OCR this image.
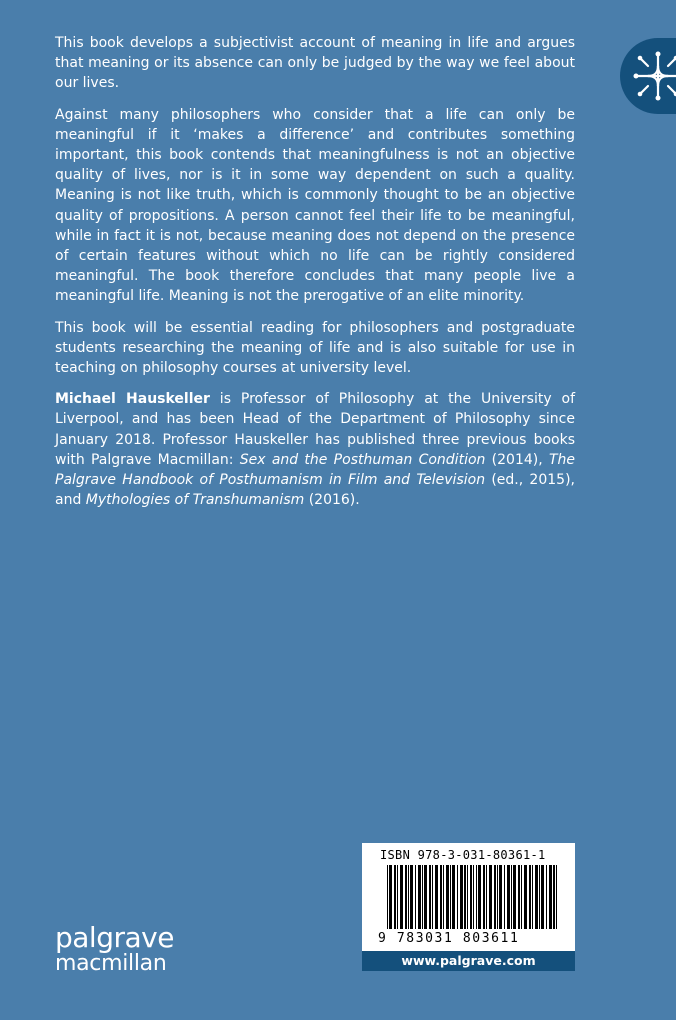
This book develops a subjectivist account of meaning in life and argues that meaning or its absence can only be judged by the way we feel about our lives.

Against many philosophers who consider that a life can only be meaningful if it ‘makes a difference’ and contributes something important, this book contends that meaningfulness is not an objective quality of lives, nor is it in some way dependent on such a quality. Meaning is not like truth, which is commonly thought to be an objective quality of propositions. A person cannot feel their life to be meaningful, while in fact it is not, because meaning does not depend on the presence of certain features without which no life can be rightly considered meaningful. The book therefore concludes that many people live a meaningful life. Meaning is not the prerogative of an elite minority.

This book will be essential reading for philosophers and postgraduate students researching the meaning of life and is also suitable for use in teaching on philosophy courses at university level.

Michael Hauskeller is Professor of Philosophy at the University of Liverpool, and has been Head of the Department of Philosophy since January 2018. Professor Hauskeller has published three previous books with Palgrave Macmillan: Sex and the Posthuman Condition (2014), The Palgrave Handbook of Posthumanism in Film and Television (ed., 2015), and Mythologies of Transhumanism (2016).

palgrave
macmillan
ISBN 978-3-031-80361-1
9 783031 803611
www.palgrave.com
